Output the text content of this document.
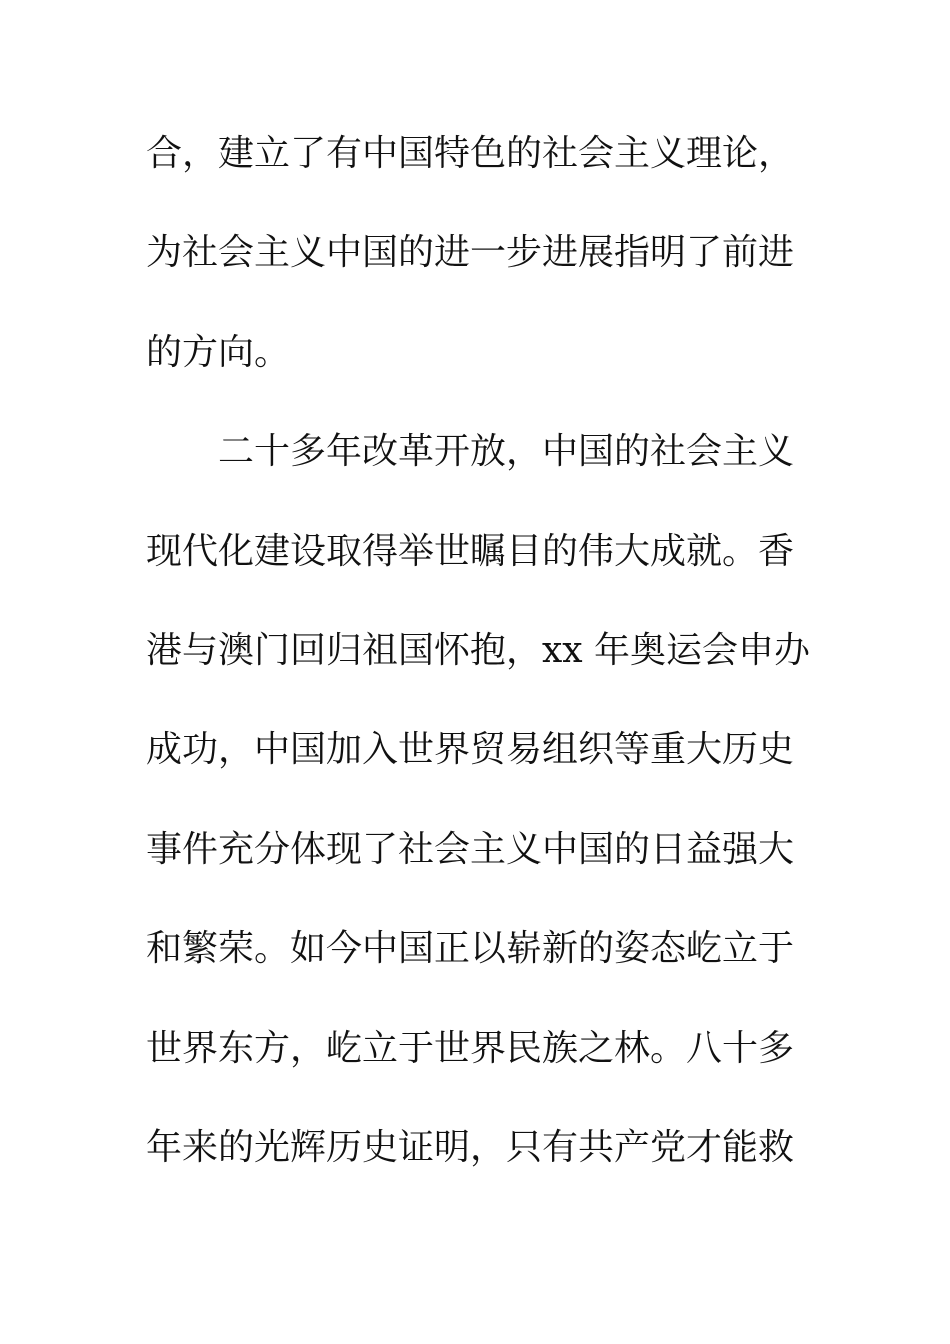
合，建立了有中国特色的社会主义理论，
为社会主义中国的进一步进展指明了前进
的方向。
二十多年改革开放，中国的社会主义
现代化建设取得举世瞩目的伟大成就。香
港与澳门回归祖国怀抱，xx 年奥运会申办
成功，中国加入世界贸易组织等重大历史
事件充分体现了社会主义中国的日益强大
和繁荣。如今中国正以崭新的姿态屹立于
世界东方，屹立于世界民族之林。八十多
年来的光辉历史证明，只有共产党才能救
